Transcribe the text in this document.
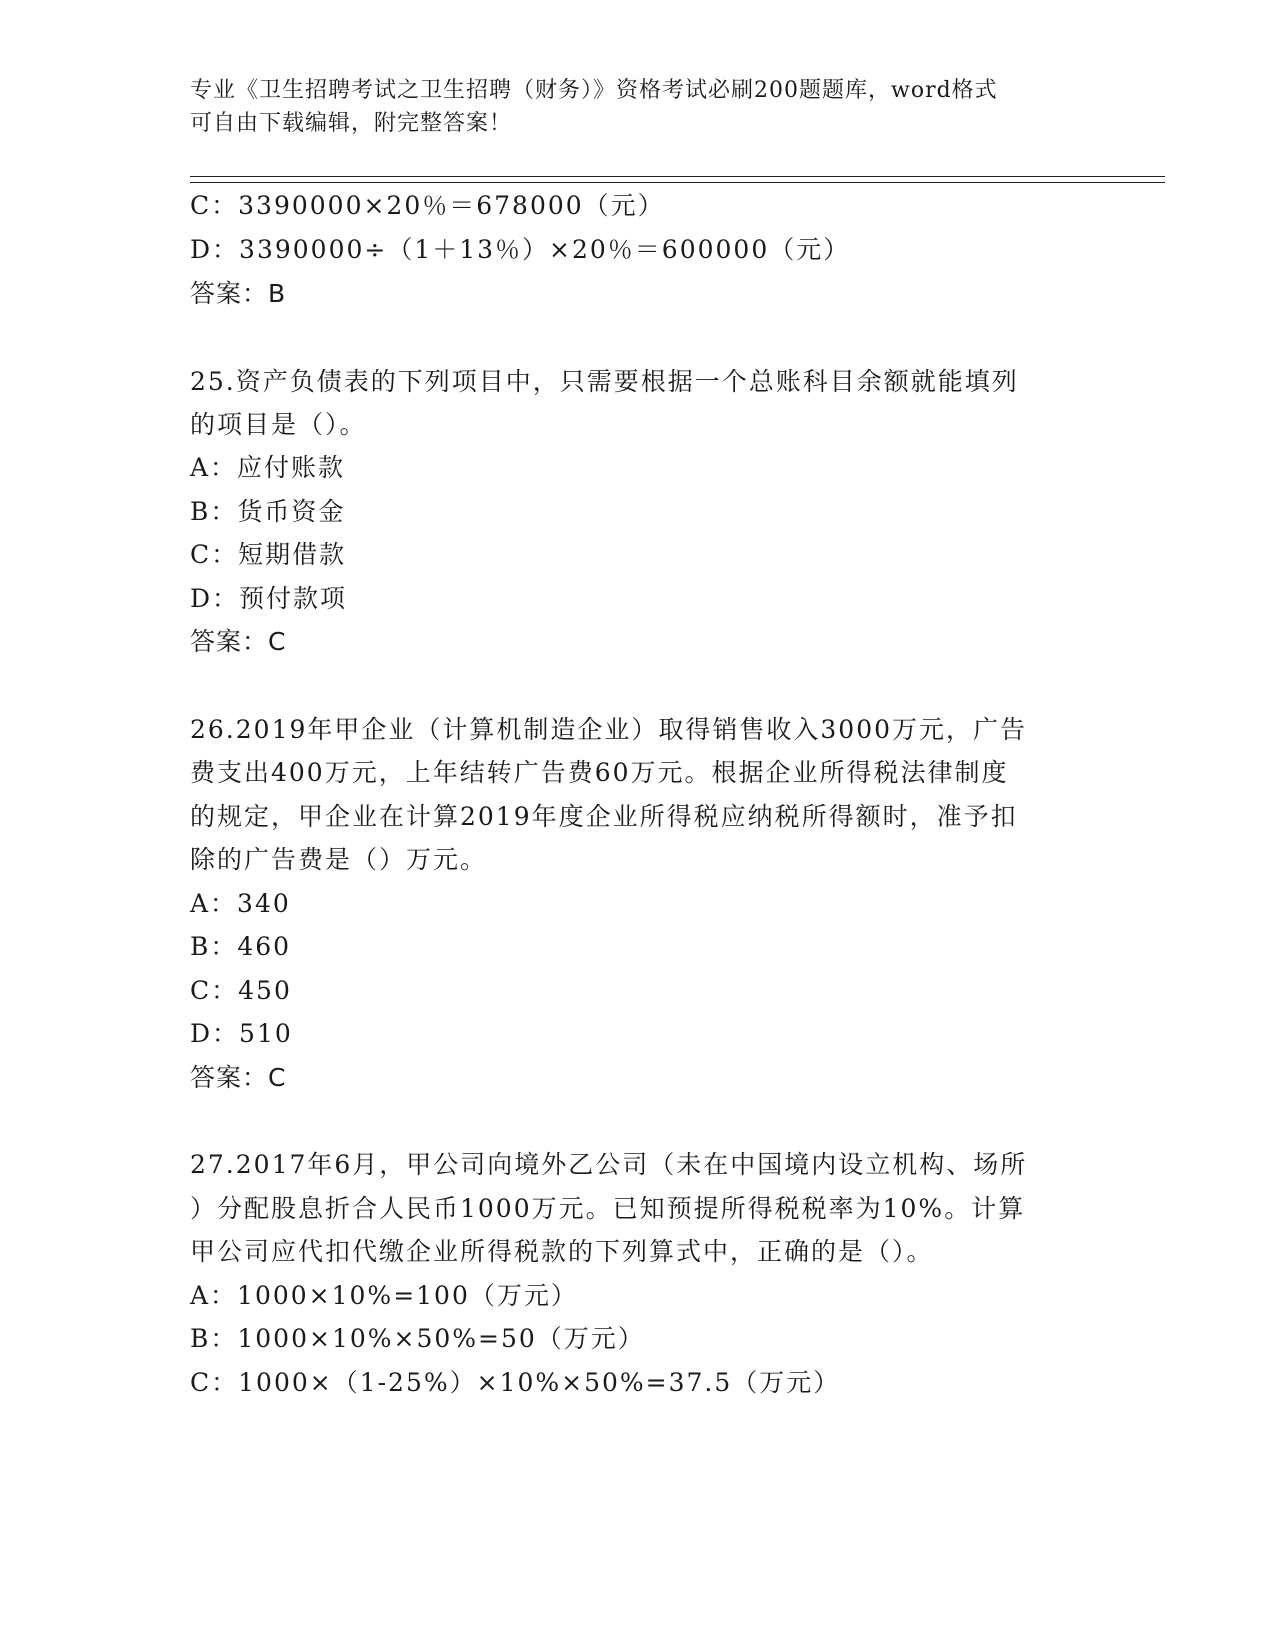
专业《卫生招聘考试之卫生招聘（财务）》资格考试必刷200题题库，word格式
可自由下载编辑，附完整答案！
C：3390000×20％＝678000（元）
D：3390000÷（1＋13％）×20％＝600000（元）
答案：B
25.资产负债表的下列项目中，只需要根据一个总账科目余额就能填列
的项目是（）。
A：应付账款
B：货币资金
C：短期借款
D：预付款项
答案：C
26.2019年甲企业（计算机制造企业）取得销售收入3000万元，广告
费支出400万元，上年结转广告费60万元。根据企业所得税法律制度
的规定，甲企业在计算2019年度企业所得税应纳税所得额时，准予扣
除的广告费是（）万元。
A：340
B：460
C：450
D：510
答案：C
27.2017年6月，甲公司向境外乙公司（未在中国境内设立机构、场所
）分配股息折合人民币1000万元。已知预提所得税税率为10%。计算
甲公司应代扣代缴企业所得税款的下列算式中，正确的是（）。
A：1000×10%=100（万元）
B：1000×10%×50%=50（万元）
C：1000×（1-25%）×10%×50%=37.5（万元）
